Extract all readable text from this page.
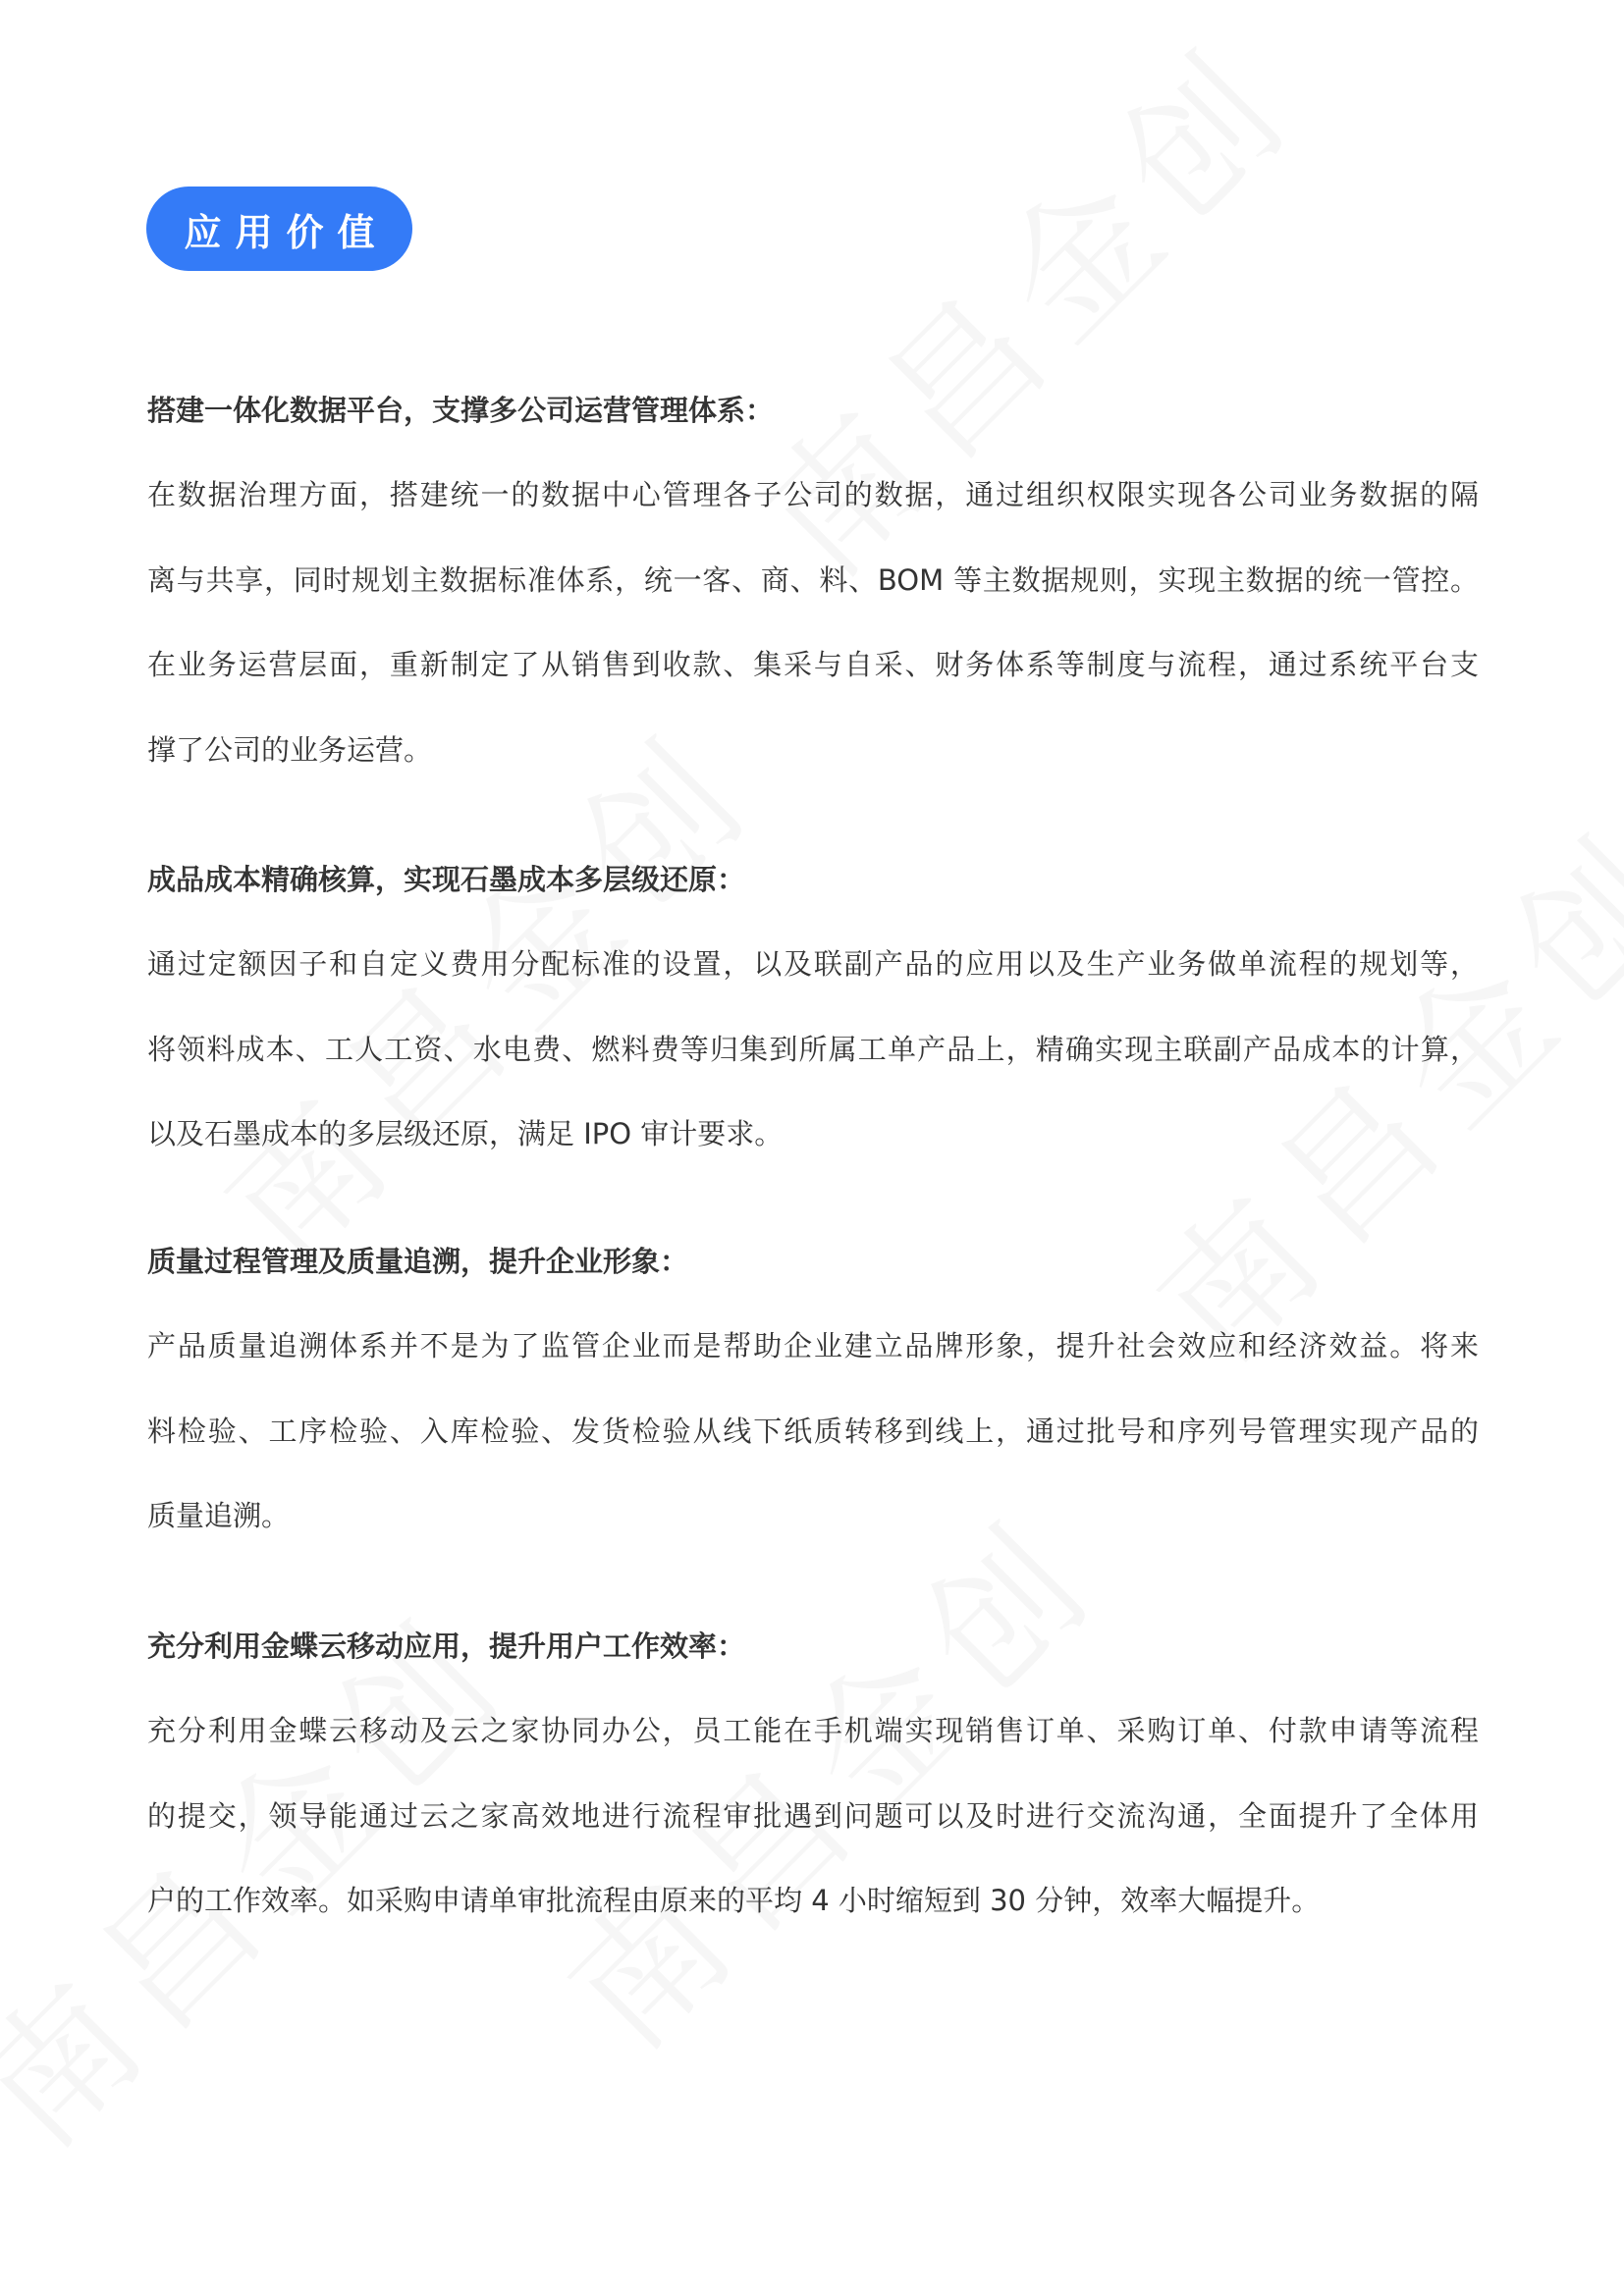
应用价值
搭建一体化数据平台，支撑多公司运营管理体系：
在数据治理方面，搭建统一的数据中心管理各子公司的数据，通过组织权限实现各公司业务数据的隔
离与共享，同时规划主数据标准体系，统一客、商、料、BOM 等主数据规则，实现主数据的统一管控。
在业务运营层面，重新制定了从销售到收款、集采与自采、财务体系等制度与流程，通过系统平台支
撑了公司的业务运营。
成品成本精确核算，实现石墨成本多层级还原：
通过定额因子和自定义费用分配标准的设置，以及联副产品的应用以及生产业务做单流程的规划等，
将领料成本、工人工资、水电费、燃料费等归集到所属工单产品上，精确实现主联副产品成本的计算，
以及石墨成本的多层级还原，满足 IPO 审计要求。
质量过程管理及质量追溯，提升企业形象：
产品质量追溯体系并不是为了监管企业而是帮助企业建立品牌形象，提升社会效应和经济效益。将来
料检验、工序检验、入库检验、发货检验从线下纸质转移到线上，通过批号和序列号管理实现产品的
质量追溯。
充分利用金蝶云移动应用，提升用户工作效率：
充分利用金蝶云移动及云之家协同办公，员工能在手机端实现销售订单、采购订单、付款申请等流程
的提交，领导能通过云之家高效地进行流程审批遇到问题可以及时进行交流沟通，全面提升了全体用
户的工作效率。如采购申请单审批流程由原来的平均 4 小时缩短到 30 分钟，效率大幅提升。
